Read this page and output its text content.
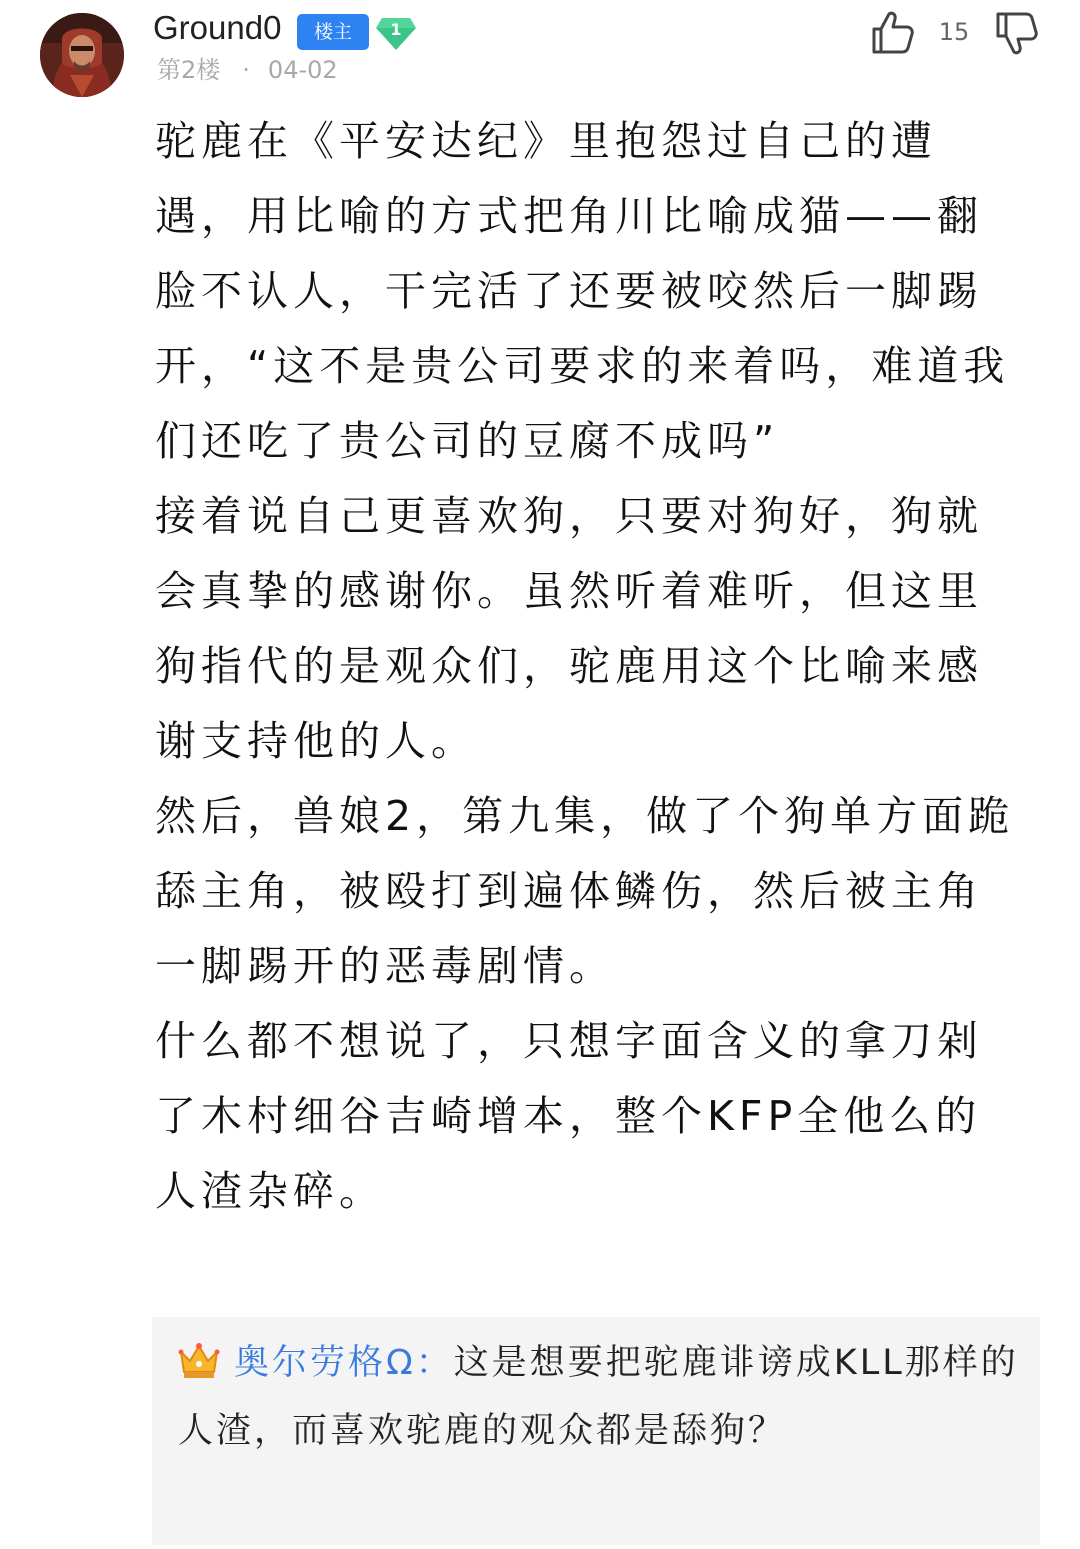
Ground0	楼主	1
第2楼 · 04-02
15

驼鹿在《平安达纪》里抱怨过自己的遭遇，用比喻的方式把角川比喻成猫——翻脸不认人，干完活了还要被咬然后一脚踢开，“这不是贵公司要求的来着吗，难道我们还吃了贵公司的豆腐不成吗”

接着说自己更喜欢狗，只要对狗好，狗就会真挚的感谢你。虽然听着难听，但这里狗指代的是观众们，驼鹿用这个比喻来感谢支持他的人。

然后，兽娘2，第九集，做了个狗单方面跪舔主角，被殴打到遍体鳞伤，然后被主角一脚踢开的恶毒剧情。

什么都不想说了，只想字面含义的拿刀剁了木村细谷吉崎增本，整个KFP全他么的人渣杂碎。

奥尔劳格Ω：这是想要把驼鹿诽谤成KLL那样的人渣，而喜欢驼鹿的观众都是舔狗？
